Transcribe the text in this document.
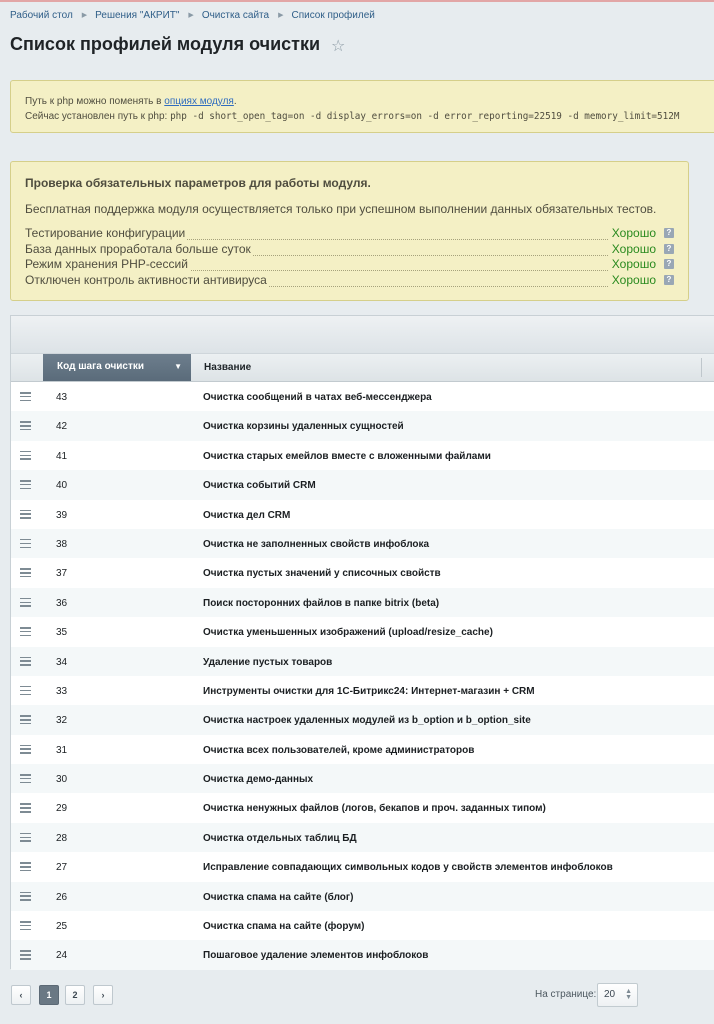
Рабочий стол ▶ Решения "АКРИТ" ▶ Очистка сайта ▶ Список профилей
Список профилей модуля очистки ☆
Путь к php можно поменять в опциях модуля.
Сейчас установлен путь к php: php -d short_open_tag=on -d display_errors=on -d error_reporting=22519 -d memory_limit=512M
Проверка обязательных параметров для работы модуля.
Бесплатная поддержка модуля осуществляется только при успешном выполнении данных обязательных тестов.
Тестирование конфигурации	Хорошо	?
База данных проработала больше суток	Хорошо	?
Режим хранения PHP-сессий	Хорошо	?
Отключен контроль активности антивируса	Хорошо	?
Код шага очистки	▼ Название
43	Очистка сообщений в чатах веб-мессенджера
42	Очистка корзины удаленных сущностей
41	Очистка старых емейлов вместе с вложенными файлами
40	Очистка событий CRM
39	Очистка дел CRM
38	Очистка не заполненных свойств инфоблока
37	Очистка пустых значений у списочных свойств
36	Поиск посторонних файлов в папке bitrix (beta)
35	Очистка уменьшенных изображений (upload/resize_cache)
34	Удаление пустых товаров
33	Инструменты очистки для 1С-Битрикс24: Интернет-магазин + CRM
32	Очистка настроек удаленных модулей из b_option и b_option_site
31	Очистка всех пользователей, кроме администраторов
30	Очистка демо-данных
29	Очистка ненужных файлов (логов, бекапов и проч. заданных типом)
28	Очистка отдельных таблиц БД
27	Исправление совпадающих символьных кодов у свойств элементов инфоблоков
26	Очистка спама на сайте (блог)
25	Очистка спама на сайте (форум)
24	Пошаговое удаление элементов инфоблоков
‹	1	2	›	На странице: 20 ▲
▼
